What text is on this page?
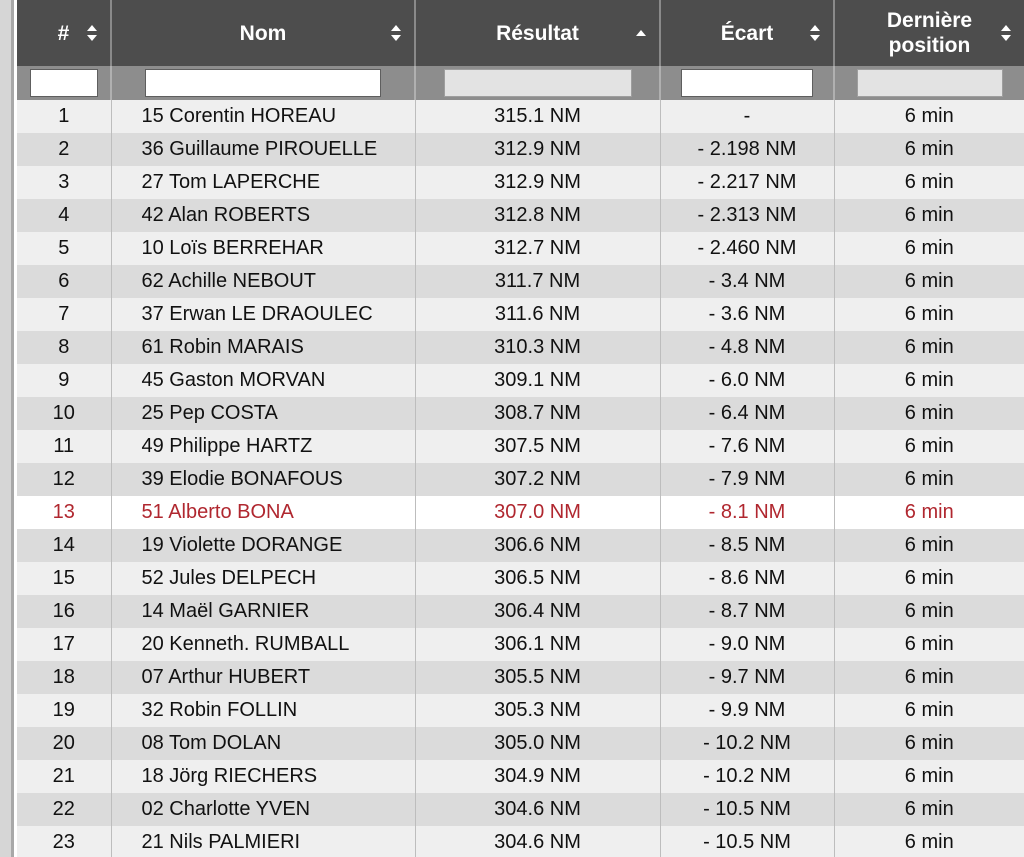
#	Nom	Résultat	Écart	Dernière position

1	15 Corentin HOREAU	315.1 NM	-	6 min
2	36 Guillaume PIROUELLE	312.9 NM	- 2.198 NM	6 min
3	27 Tom LAPERCHE	312.9 NM	- 2.217 NM	6 min
4	42 Alan ROBERTS	312.8 NM	- 2.313 NM	6 min
5	10 Loïs BERREHAR	312.7 NM	- 2.460 NM	6 min
6	62 Achille NEBOUT	311.7 NM	- 3.4 NM	6 min
7	37 Erwan LE DRAOULEC	311.6 NM	- 3.6 NM	6 min
8	61 Robin MARAIS	310.3 NM	- 4.8 NM	6 min
9	45 Gaston MORVAN	309.1 NM	- 6.0 NM	6 min
10	25 Pep COSTA	308.7 NM	- 6.4 NM	6 min
11	49 Philippe HARTZ	307.5 NM	- 7.6 NM	6 min
12	39 Elodie BONAFOUS	307.2 NM	- 7.9 NM	6 min
13	51 Alberto BONA	307.0 NM	- 8.1 NM	6 min
14	19 Violette DORANGE	306.6 NM	- 8.5 NM	6 min
15	52 Jules DELPECH	306.5 NM	- 8.6 NM	6 min
16	14 Maël GARNIER	306.4 NM	- 8.7 NM	6 min
17	20 Kenneth. RUMBALL	306.1 NM	- 9.0 NM	6 min
18	07 Arthur HUBERT	305.5 NM	- 9.7 NM	6 min
19	32 Robin FOLLIN	305.3 NM	- 9.9 NM	6 min
20	08 Tom DOLAN	305.0 NM	- 10.2 NM	6 min
21	18 Jörg RIECHERS	304.9 NM	- 10.2 NM	6 min
22	02 Charlotte YVEN	304.6 NM	- 10.5 NM	6 min
23	21 Nils PALMIERI	304.6 NM	- 10.5 NM	6 min
